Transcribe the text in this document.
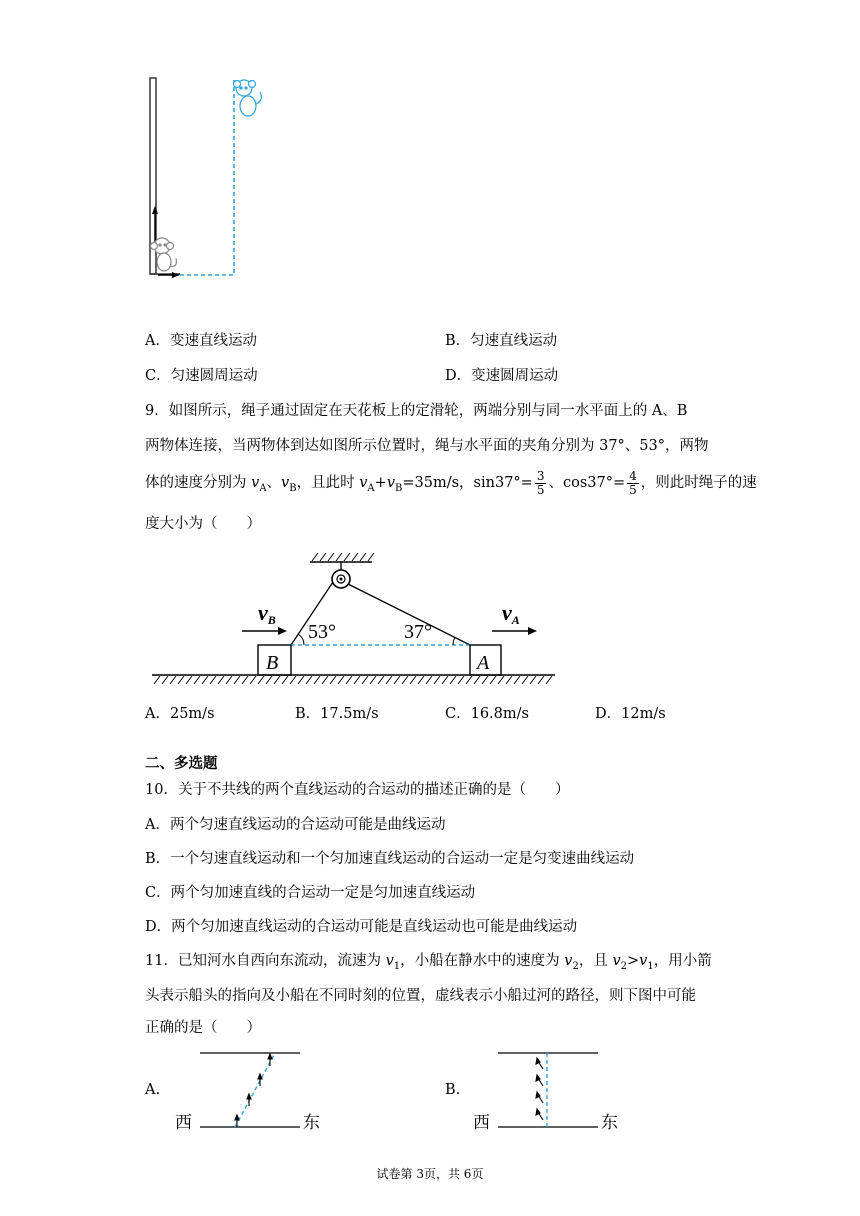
A．变速直线运动	B．匀速直线运动
C．匀速圆周运动	D．变速圆周运动
9．如图所示，绳子通过固定在天花板上的定滑轮，两端分别与同一水平面上的 A、B
两物体连接，当两物体到达如图所示位置时，绳与水平面的夹角分别为 37°、53°，两物
体的速度分别为 $v_A$、$v_B$，且此时 $v_A+v_B=35m/s$，$\sin 37^\circ= \frac{3}{5}$ 、$\cos 37^\circ= \frac{4}{5}$ ，则此时绳子的速
度大小为（　　）
53°	37°
B	A
vB	vA
A．25m/s	B．17.5m/s	C．16.8m/s	D．12m/s
二、多选题
10．关于不共线的两个直线运动的合运动的描述正确的是（　　）
A．两个匀速直线运动的合运动可能是曲线运动
B．一个匀速直线运动和一个匀加速直线运动的合运动一定是匀变速曲线运动
C．两个匀加速直线的合运动一定是匀加速直线运动
D．两个匀加速直线运动的合运动可能是直线运动也可能是曲线运动
11．已知河水自西向东流动，流速为 $v_1$，小船在静水中的速度为 $v_2$，且 $v_2>v_1$，用小箭
头表示船头的指向及小船在不同时刻的位置，虚线表示小船过河的路径，则下图中可能
正确的是（　　）
A.
西	东
B.
西	东
试卷第 3页，共 6页
